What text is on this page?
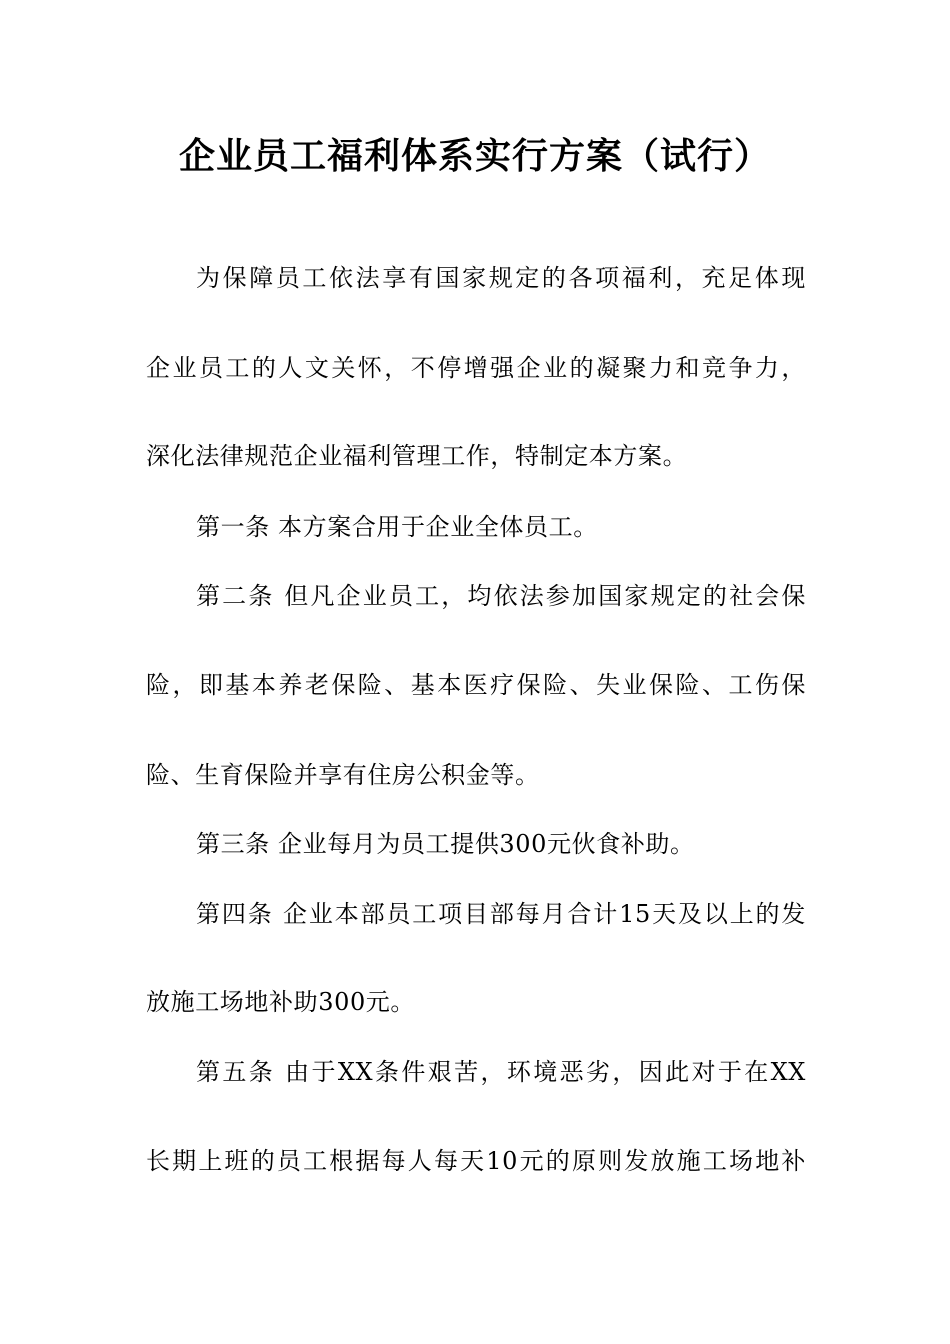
企业员工福利体系实行方案（试行）
为保障员工依法享有国家规定的各项福利，充足体现
企业员工的人文关怀，不停增强企业的凝聚力和竞争力，
深化法律规范企业福利管理工作，特制定本方案。
第一条 本方案合用于企业全体员工。
第二条 但凡企业员工，均依法参加国家规定的社会保
险，即基本养老保险、基本医疗保险、失业保险、工伤保
险、生育保险并享有住房公积金等。
第三条 企业每月为员工提供300元伙食补助。
第四条 企业本部员工项目部每月合计15天及以上的发
放施工场地补助300元。
第五条 由于XX条件艰苦，环境恶劣，因此对于在XX
长期上班的员工根据每人每天10元的原则发放施工场地补
